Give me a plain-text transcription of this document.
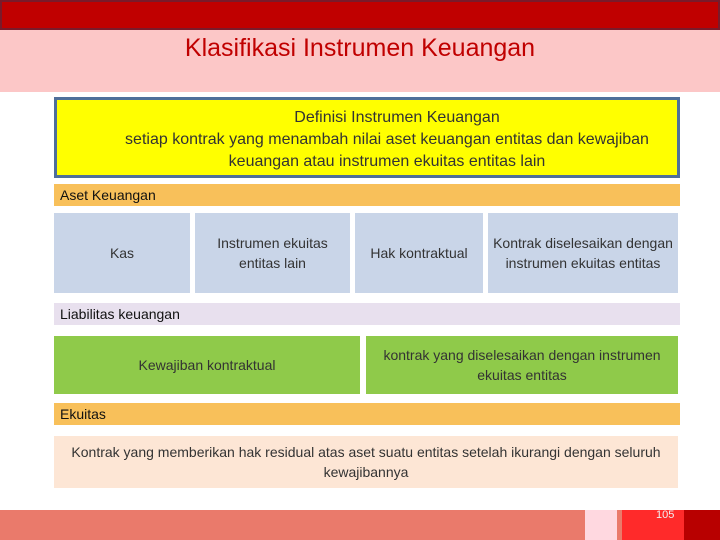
Klasifikasi Instrumen Keuangan
Definisi Instrumen Keuangan
setiap kontrak yang menambah nilai aset keuangan entitas dan kewajiban keuangan atau instrumen ekuitas entitas lain
Aset Keuangan
Kas
Instrumen ekuitas entitas lain
Hak kontraktual
Kontrak diselesaikan dengan instrumen ekuitas entitas
Liabilitas keuangan
Kewajiban kontraktual
kontrak yang diselesaikan dengan instrumen ekuitas entitas
Ekuitas
Kontrak yang memberikan hak residual atas aset suatu entitas setelah ikurangi dengan seluruh kewajibannya
105
